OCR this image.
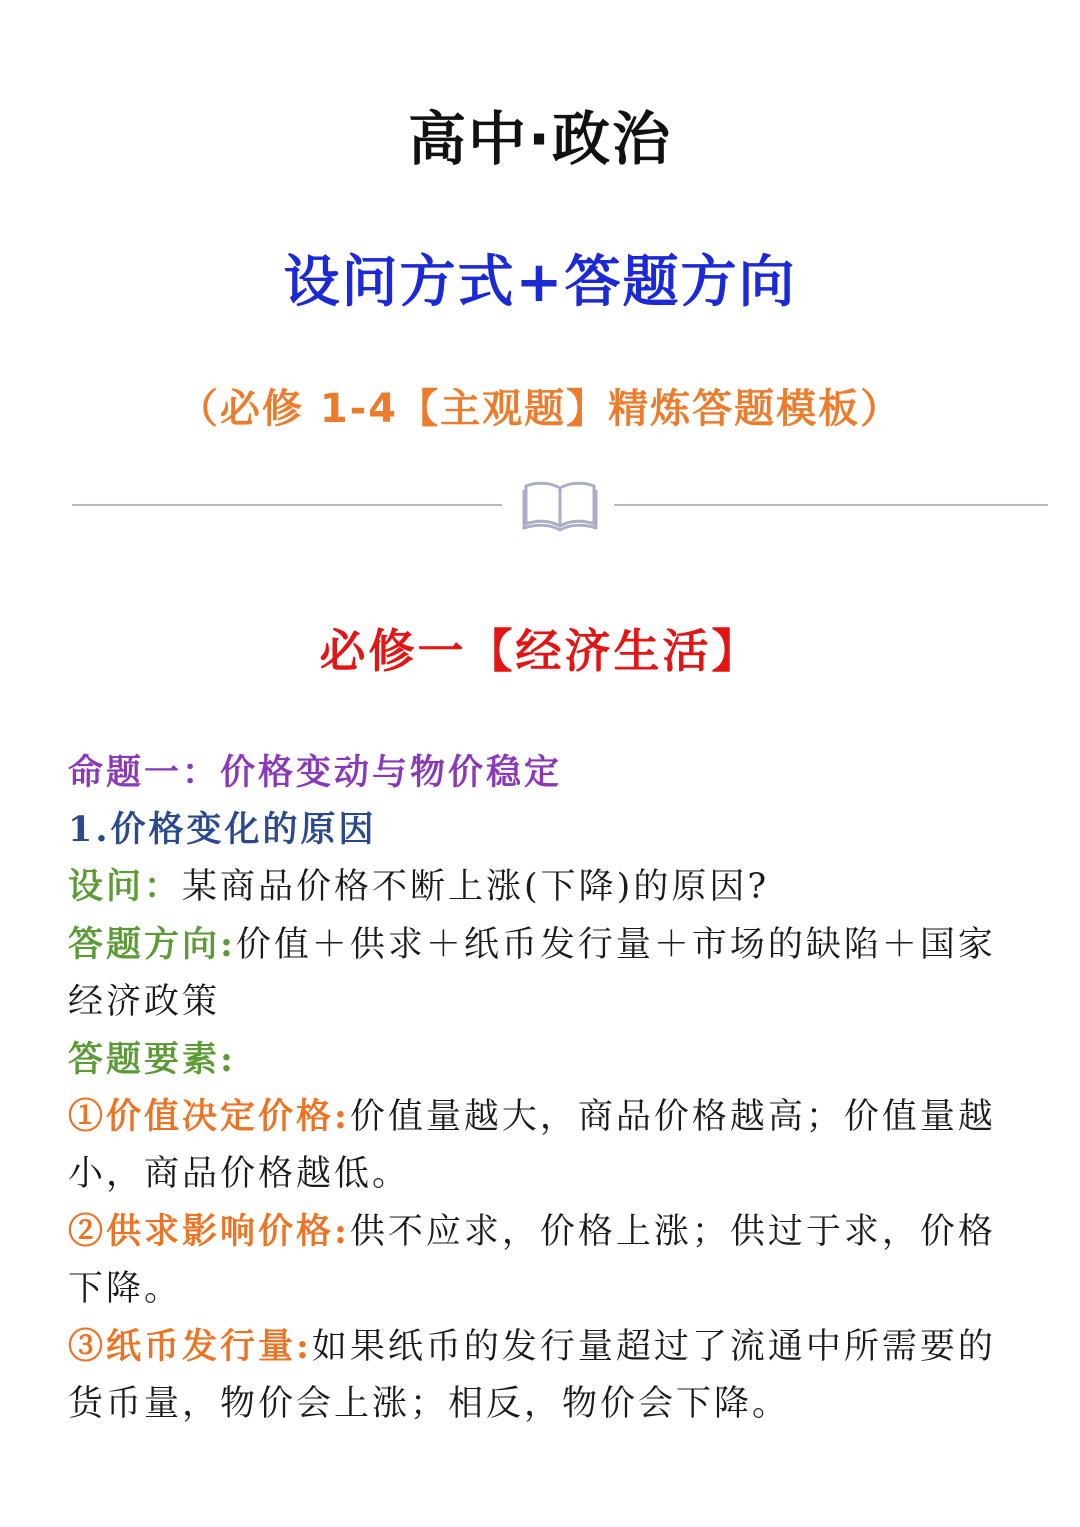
高中·政治
设问方式+答题方向
（必修 1-4【主观题】精炼答题模板）
必修一【经济生活】

命题一：价格变动与物价稳定

1.价格变化的原因

设问：某商品价格不断上涨(下降)的原因?

答题方向:价值＋供求＋纸币发行量＋市场的缺陷＋国家经济政策

答题要素:

①价值决定价格:价值量越大，商品价格越高；价值量越小，商品价格越低。

②供求影响价格:供不应求，价格上涨；供过于求，价格下降。

③纸币发行量:如果纸币的发行量超过了流通中所需要的货币量，物价会上涨；相反，物价会下降。
